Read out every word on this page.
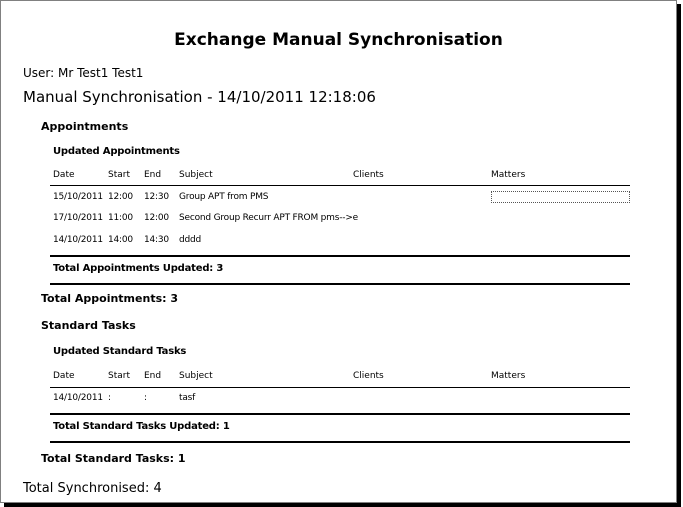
Exchange Manual Synchronisation
User: Mr Test1 Test1
Manual Synchronisation - 14/10/2011 12:18:06
Appointments
Updated Appointments
Date	Start End Subject	Clients	Matters
15/10/2011 12:00 12:30 Group APT from PMS
17/10/2011 11:00 12:00 Second Group Recurr APT FROM pms-->e
14/10/2011 14:00 14:30 dddd
Total Appointments Updated: 3
Total Appointments: 3
Standard Tasks
Updated Standard Tasks
Date	Start End Subject	Clients	Matters
14/10/2011 :	:	tasf
Total Standard Tasks Updated: 1
Total Standard Tasks: 1
Total Synchronised: 4
